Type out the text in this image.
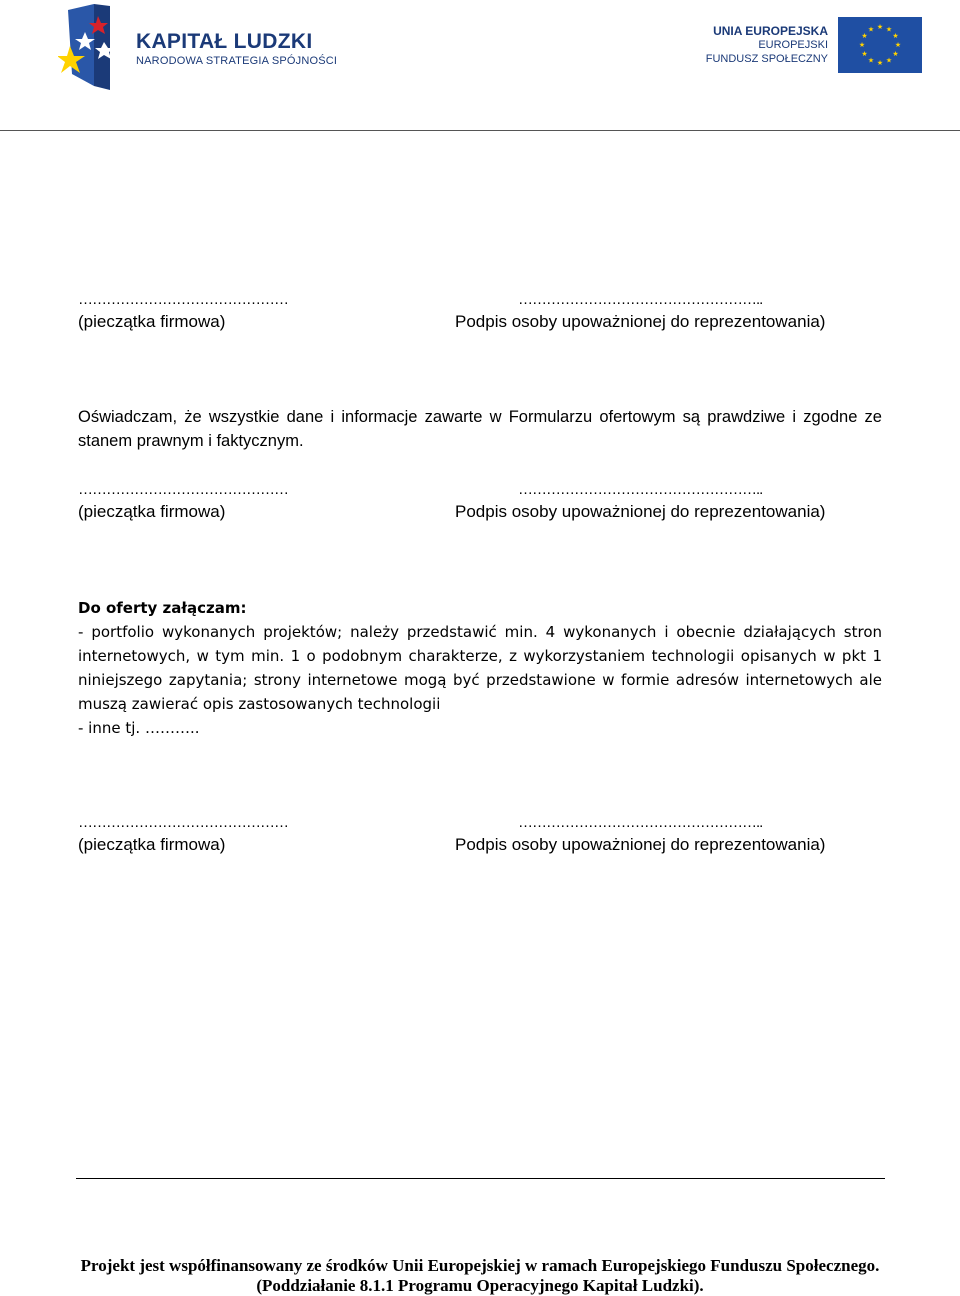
KAPITAŁ LUDZKI
NARODOWA STRATEGIA SPÓJNOŚCI
UNIA EUROPEJSKA
EUROPEJSKI
FUNDUSZ SPOŁECZNY
★ ★
★
★
★
★
★
★
★
★
★
★
………………………………………
(pieczątka firmowa)
……………………………………………..
Podpis osoby upoważnionej do reprezentowania)
Oświadczam, że wszystkie dane i informacje zawarte w Formularzu ofertowym są prawdziwe i zgodne ze stanem prawnym i faktycznym.
………………………………………
(pieczątka firmowa)
……………………………………………..
Podpis osoby upoważnionej do reprezentowania)
Do oferty załączam:
- portfolio wykonanych projektów; należy przedstawić min. 4 wykonanych i obecnie działających stron internetowych, w tym min. 1 o podobnym charakterze, z wykorzystaniem technologii opisanych w pkt 1 niniejszego zapytania; strony internetowe mogą być przedstawione w formie adresów internetowych ale muszą zawierać opis zastosowanych technologii
- inne tj. ………..
………………………………………
(pieczątka firmowa)
……………………………………………..
Podpis osoby upoważnionej do reprezentowania)
Projekt jest współfinansowany ze środków Unii Europejskiej w ramach Europejskiego Funduszu Społecznego.
(Poddziałanie 8.1.1 Programu Operacyjnego Kapitał Ludzki).
